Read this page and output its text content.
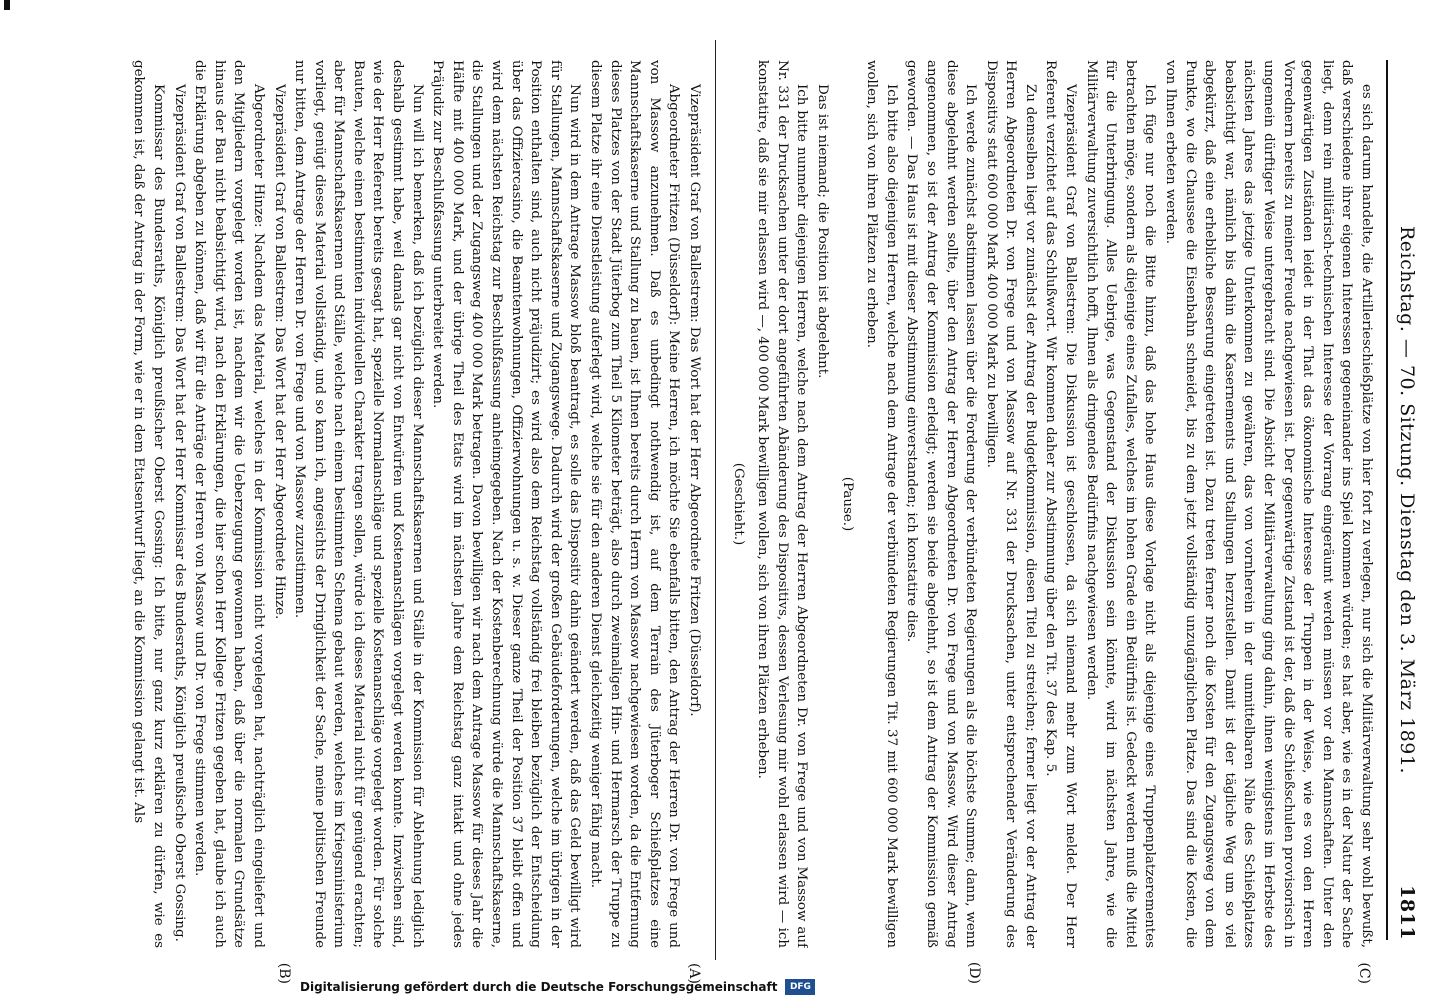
Reichstag. — 70. Sitzung. Dienstag den 3. März 1891.
1811

es sich darum handelte, die Artillerieschießplätze von hier fort zu verlegen, nur sich die Militärverwaltung sehr wohl bewußt, daß verschiedene ihrer eigenen Interessen gegeneinander ins Spiel kommen würden; es hat aber, wie es in der Natur der Sache liegt, denn rein militärisch-technischen Interesse der Vorrang eingeräumt werden müssen vor den Mannschaften. Unter den gegenwärtigen Zuständen leidet in der That das ökonomische Interesse der Truppen in der Weise, wie es von den Herren Vorrednern bereits zu meiner Freude nachgewiesen ist. Der gegenwärtige Zustand ist der, daß die Schießschulen provisorisch in ungemein dürftiger Weise untergebracht sind. Die Absicht der Militärverwaltung ging dahin, ihnen wenigstens im Herbste des nächsten Jahres das jetzige Unterkommen zu gewähren, das von vornherein in der unmittelbaren Nähe des Schießplatzes beabsichtigt war, nämlich bis dahin die Kasernements und Stallungen herzustellen. Damit ist der tägliche Weg um so viel abgekürzt, daß eine erhebliche Besserung eingetreten ist. Dazu treten ferner noch die Kosten für den Zugangsweg von dem Punkte, wo die Chaussee die Eisenbahn schneidet, bis zu dem jetzt vollständig unzugänglichen Platze. Das sind die Kosten, die von Ihnen erbeten werden.

Ich füge nur noch die Bitte hinzu, daß das hohe Haus diese Vorlage nicht als diejenige eines Truppenplatzerementes betrachten möge, sondern als diejenige eines Zufalles, welches im hohen Grade ein Bedürfnis ist. Gedeckt werden muß die Mittel für die Unterbringung. Alles Uebrige, was Gegenstand der Diskussion sein könnte, wird im nächsten Jahre, wie die Militärverwaltung zuversichtlich hofft, Ihnen als dringendes Bedürfnis nachgewiesen werden.

Vizepräsident Graf von Ballestrem: Die Diskussion ist geschlossen, da sich niemand mehr zum Wort meldet. Der Herr Referent verzichtet auf das Schlußwort. Wir kommen daher zur Abstimmung über den Tit. 37 des Kap. 5.

Zu demselben liegt vor zunächst der Antrag der Budgetkommission, diesen Titel zu streichen; ferner liegt vor der Antrag der Herren Abgeordneten Dr. von Frege und von Massow auf Nr. 331 der Drucksachen, unter entsprechender Veränderung des Dispositivs statt 600 000 Mark 400 000 Mark zu bewilligen.

Ich werde zunächst abstimmen lassen über die Forderung der verbündeten Regierungen als die höchste Summe; dann, wenn diese abgelehnt werden sollte, über den Antrag der Herren Abgeordneten Dr. von Frege und von Massow. Wird dieser Antrag angenommen, so ist der Antrag der Kommission erledigt; werden sie beide abgelehnt, so ist dem Antrag der Kommission gemäß geworden. — Das Haus ist mit dieser Abstimmung einverstanden; ich konstatire dies.

Ich bitte also diejenigen Herren, welche nach dem Antrage der verbündeten Regierungen Tit. 37 mit 600 000 Mark bewilligen wollen, sich von ihren Plätzen zu erheben.

(Pause.)

Das ist niemand; die Position ist abgelehnt.

Ich bitte nunmehr diejenigen Herren, welche nach dem Antrag der Herren Abgeordneten Dr. von Frege und von Massow auf Nr. 331 der Drucksachen unter der dort angeführten Abänderung des Dispositivs, dessen Verlesung mir wohl erlassen wird — ich konstatire, daß sie mir erlassen wird —, 400 000 Mark bewilligen wollen, sich von ihren Plätzen erheben.

(Geschieht.)

Vizepräsident Graf von Ballestrem: Das Wort hat der Herr Abgeordnete Fritzen (Düsseldorf).

Abgeordneter Fritzen (Düsseldorf): Meine Herren, ich möchte Sie ebenfalls bitten, den Antrag der Herren Dr. von Frege und von Massow anzunehmen. Daß es unbedingt nothwendig ist, auf dem Terrain des Jüterboger Schießplatzes eine Mannschaftskaserne und Stallung zu bauen, ist Ihnen bereits durch Herrn von Massow nachgewiesen worden, da die Entfernung dieses Platzes von der Stadt Jüterbog zum Theil 5 Kilometer beträgt, also durch zweimaligen Hin- und Hermarsch der Truppe zu diesem Platze ihr eine Dienstleistung auferlegt wird, welche sie für den anderen Dienst gleichzeitig weniger fähig macht.

Nun wird in dem Antrage Massow bloß beantragt, es solle das Dispositiv dahin geändert werden, daß das Geld bewilligt wird für Stallungen, Mannschaftskaserne und Zugangswege. Dadurch wird der großen Gebäudeforderungen, welche im übrigen in der Position enthalten sind, auch nicht präjudizirt; es wird also dem Reichstag vollständig frei bleiben bezüglich der Entscheidung über das Offiziercasino, die Beamtenwohnungen, Offizierwohnungen u. s. w. Dieser ganze Theil der Position 37 bleibt offen und wird dem nächsten Reichstag zur Beschlußfassung anheimgegeben. Nach der Kostenberechnung würde die Mannschaftskaserne, die Stallungen und der Zugangsweg 400 000 Mark betragen. Davon bewilligen wir nach dem Antrage Massow für dieses Jahr die Hälfte mit 400 000 Mark, und der übrige Theil des Etats wird im nächsten Jahre dem Reichstag ganz intakt und ohne jedes Präjudiz zur Beschlußfassung unterbreitet werden.

Nun will ich bemerken, daß ich bezüglich dieser Mannschaftskasernen und Ställe in der Kommission für Ablehnung lediglich deshalb gestimmt habe, weil damals gar nicht von Entwürfen und Kostenanschlägen vorgelegt werden konnte. Inzwischen sind, wie der Herr Referent bereits gesagt hat, spezielle Normalanschläge und spezielle Kostenanschläge vorgelegt worden. Für solche Bauten, welche einen bestimmten individuellen Charakter tragen sollen, würde ich dieses Material nicht für genügend erachten; aber für Mannschaftskasernen und Ställe, welche nach einem bestimmten Schema gebaut werden, welches im Kriegsministerium vorliegt, genügt dieses Material vollständig, und so kann ich, angesichts der Dringlichkeit der Sache, meine politischen Freunde nur bitten, dem Antrage der Herren Dr. von Frege und von Massow zuzustimmen.

Vizepräsident Graf von Ballestrem: Das Wort hat der Herr Abgeordnete Hinze.

Abgeordneter Hinze: Nachdem das Material, welches in der Kommission nicht vorgelegen hat, nachträglich eingeliefert und den Mitgliedern vorgelegt worden ist, nachdem wir die Ueberzeugung gewonnen haben, daß über die normalen Grundsätze hinaus der Bau nicht beabsichtigt wird, nach den Erklärungen, die hier schon Herr Kollege Fritzen gegeben hat, glaube ich auch die Erklärung abgeben zu können, daß wir für die Anträge der Herren von Massow und Dr. von Frege stimmen werden.

Vizepräsident Graf von Ballestrem: Das Wort hat der Herr Kommissar des Bundesraths, Königlich preußische Oberst Gossing.

Kommissar des Bundesraths, Königlich preußischer Oberst Gossing: Ich bitte, nur ganz kurz erklären zu dürfen, wie es gekommen ist, daß der Antrag in der Form, wie er in dem Etatsentwurf liegt, an die Kommission gelangt ist. Als

(C)
(D)
(A)
(B)
Digitalisierung gefördert durch die Deutsche Forschungsgemeinschaft	DFG
